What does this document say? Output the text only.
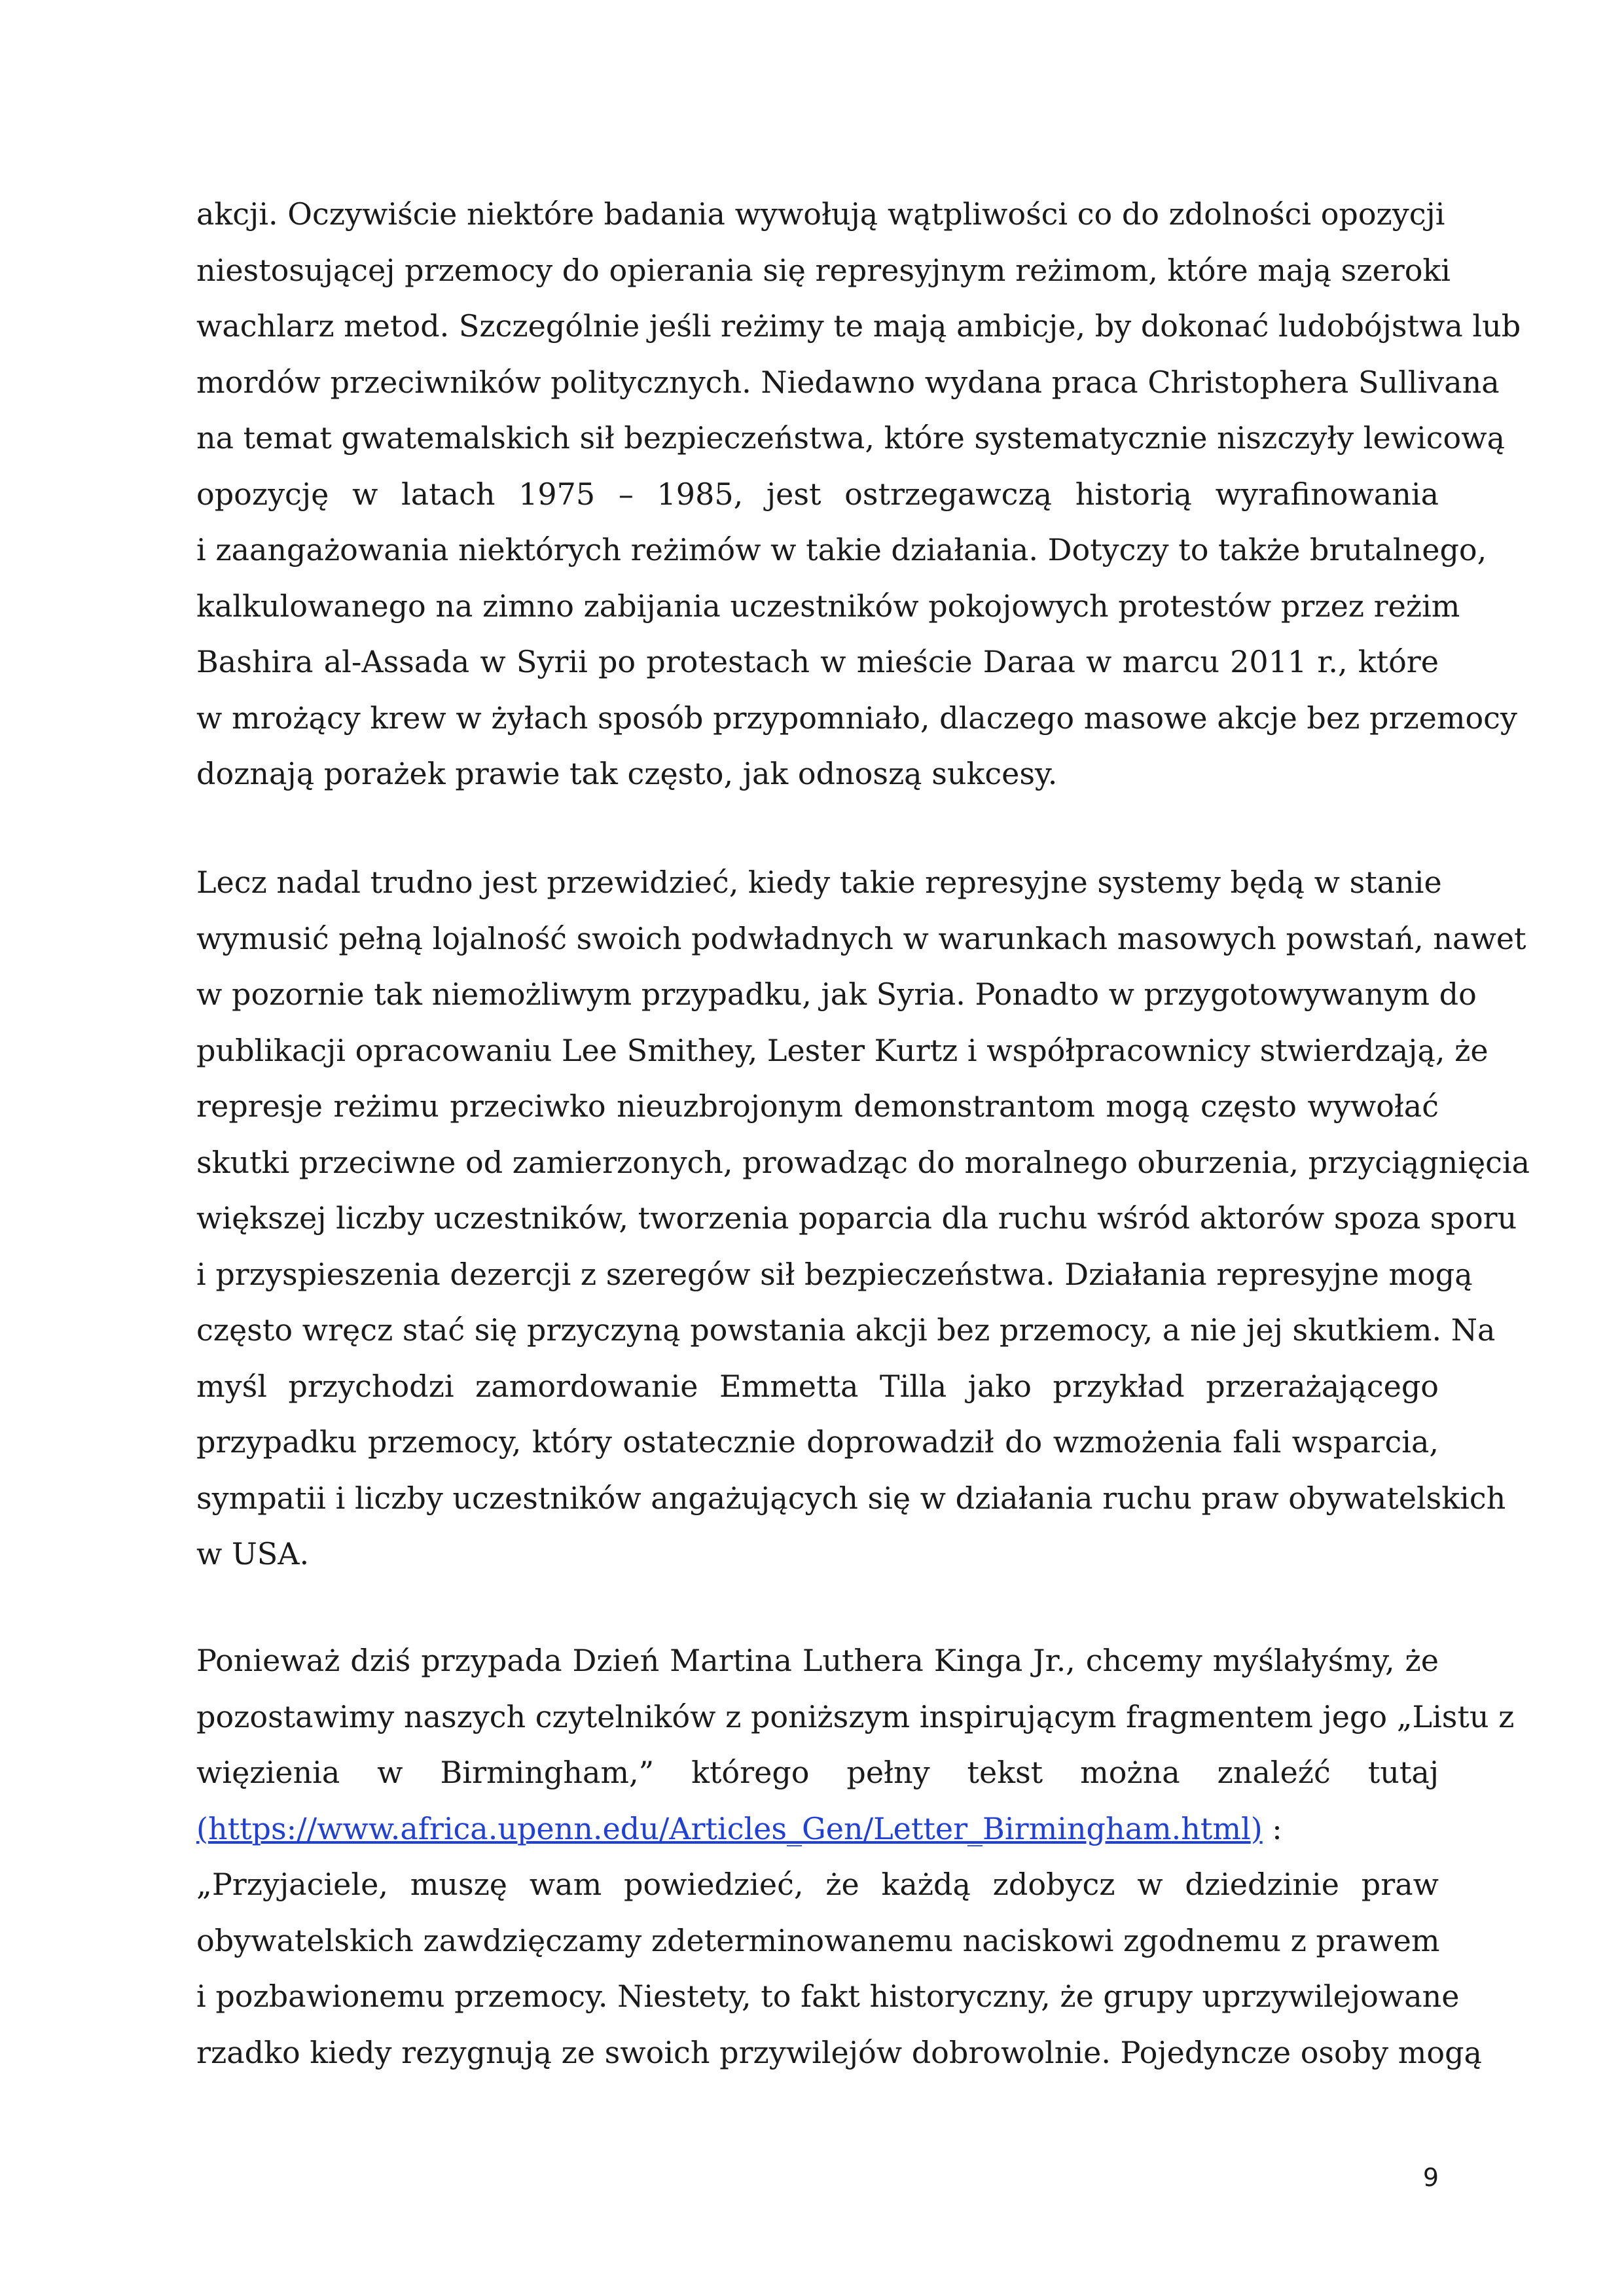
akcji. Oczywiście niektóre badania wywołują wątpliwości co do zdolności opozycji
niestosującej przemocy do opierania się represyjnym reżimom, które mają szeroki
wachlarz metod. Szczególnie jeśli reżimy te mają ambicje, by dokonać ludobójstwa lub
mordów przeciwników politycznych. Niedawno wydana praca Christophera Sullivana
na temat gwatemalskich sił bezpieczeństwa, które systematycznie niszczyły lewicową
opozycję w latach 1975 – 1985, jest ostrzegawczą historią wyrafinowania
i zaangażowania niektórych reżimów w takie działania. Dotyczy to także brutalnego,
kalkulowanego na zimno zabijania uczestników pokojowych protestów przez reżim
Bashira al-Assada w Syrii po protestach w mieście Daraa w marcu 2011 r., które
w mrożący krew w żyłach sposób przypomniało, dlaczego masowe akcje bez przemocy
doznają porażek prawie tak często, jak odnoszą sukcesy.
Lecz nadal trudno jest przewidzieć, kiedy takie represyjne systemy będą w stanie
wymusić pełną lojalność swoich podwładnych w warunkach masowych powstań, nawet
w pozornie tak niemożliwym przypadku, jak Syria. Ponadto w przygotowywanym do
publikacji opracowaniu Lee Smithey, Lester Kurtz i współpracownicy stwierdzają, że
represje reżimu przeciwko nieuzbrojonym demonstrantom mogą często wywołać
skutki przeciwne od zamierzonych, prowadząc do moralnego oburzenia, przyciągnięcia
większej liczby uczestników, tworzenia poparcia dla ruchu wśród aktorów spoza sporu
i przyspieszenia dezercji z szeregów sił bezpieczeństwa. Działania represyjne mogą
często wręcz stać się przyczyną powstania akcji bez przemocy, a nie jej skutkiem. Na
myśl przychodzi zamordowanie Emmetta Tilla jako przykład przerażającego
przypadku przemocy, który ostatecznie doprowadził do wzmożenia fali wsparcia,
sympatii i liczby uczestników angażujących się w działania ruchu praw obywatelskich
w USA.
Ponieważ dziś przypada Dzień Martina Luthera Kinga Jr., chcemy myślałyśmy, że
pozostawimy naszych czytelników z poniższym inspirującym fragmentem jego „Listu z
więzienia w Birmingham,” którego pełny tekst można znaleźć tutaj
(https://www.africa.upenn.edu/Articles_Gen/Letter_Birmingham.html) :
„Przyjaciele, muszę wam powiedzieć, że każdą zdobycz w dziedzinie praw
obywatelskich zawdzięczamy zdeterminowanemu naciskowi zgodnemu z prawem
i pozbawionemu przemocy. Niestety, to fakt historyczny, że grupy uprzywilejowane
rzadko kiedy rezygnują ze swoich przywilejów dobrowolnie. Pojedyncze osoby mogą
9
